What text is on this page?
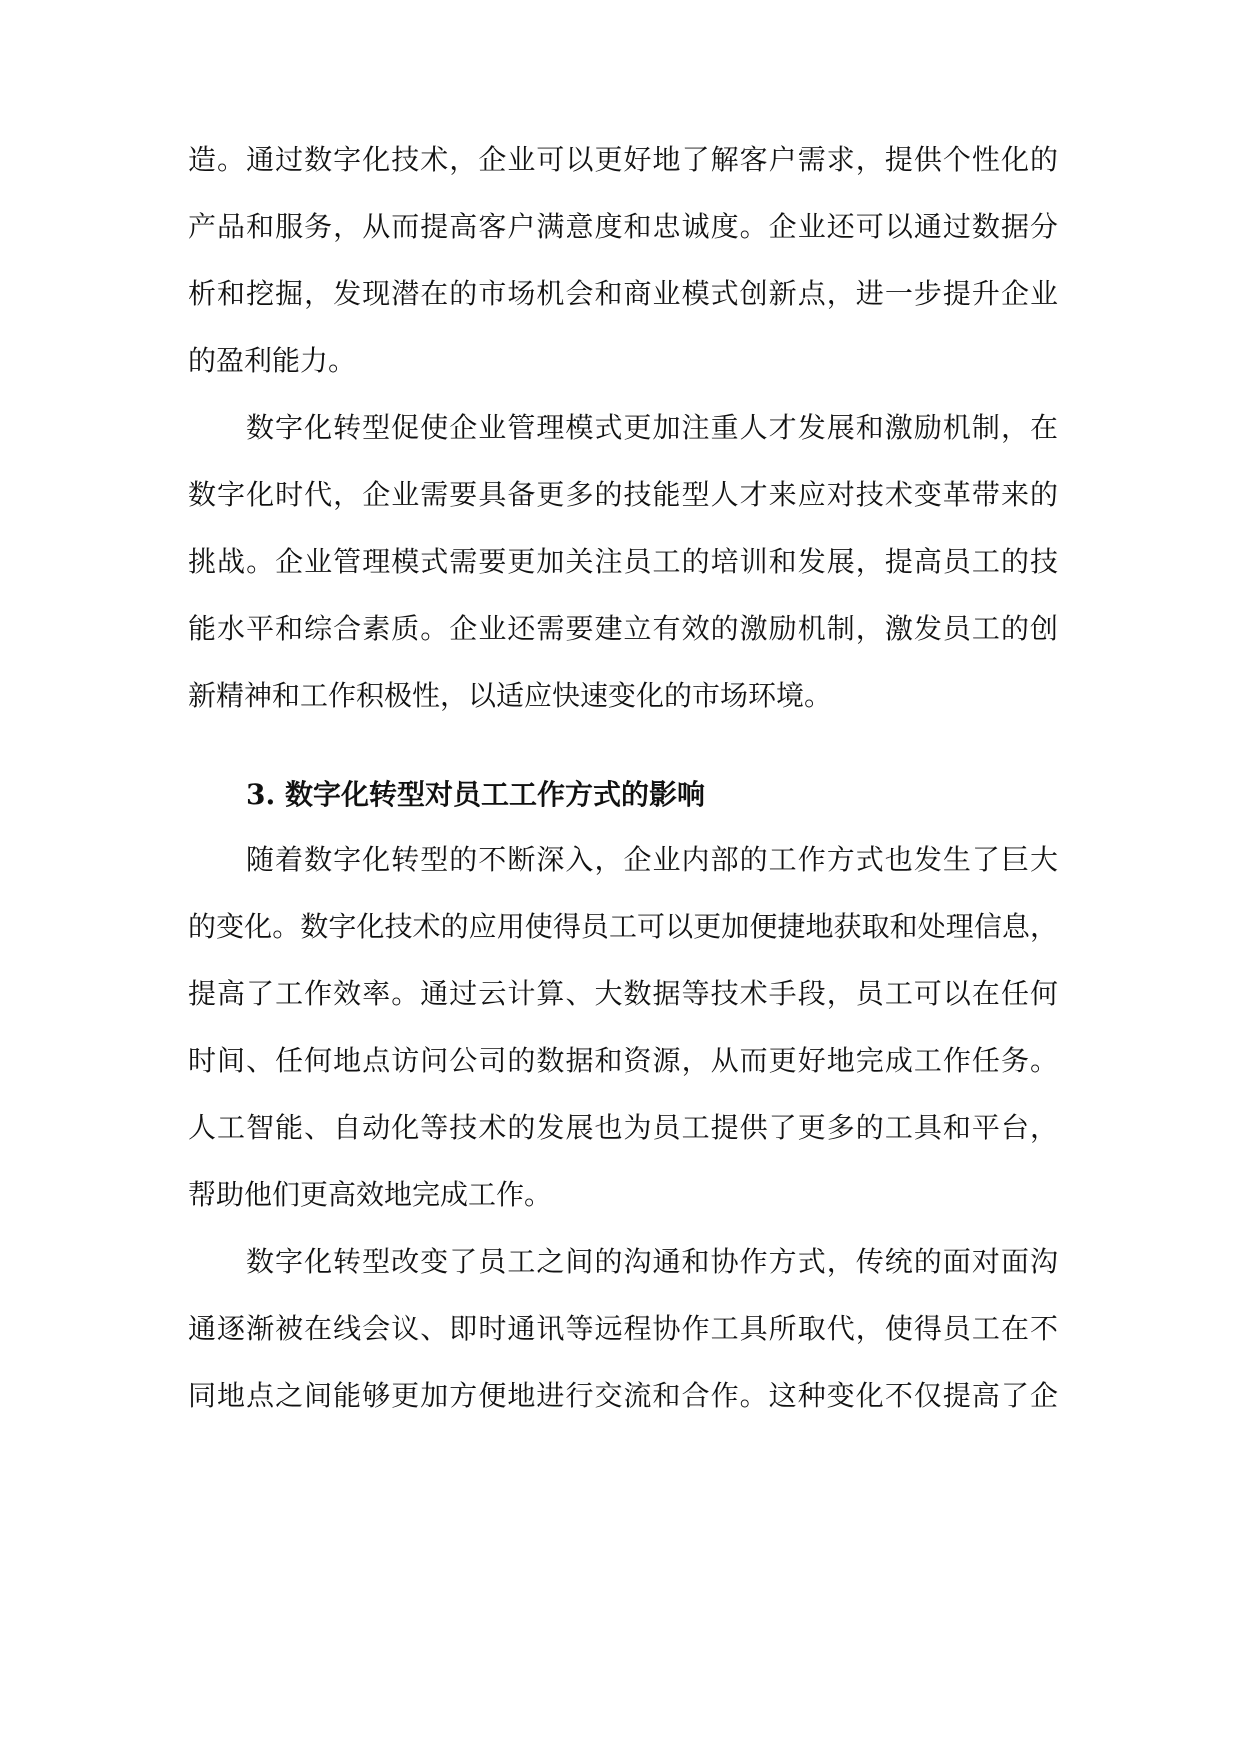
造。通过数字化技术，企业可以更好地了解客户需求，提供个性化的
产品和服务，从而提高客户满意度和忠诚度。企业还可以通过数据分
析和挖掘，发现潜在的市场机会和商业模式创新点，进一步提升企业
的盈利能力。
数字化转型促使企业管理模式更加注重人才发展和激励机制，在
数字化时代，企业需要具备更多的技能型人才来应对技术变革带来的
挑战。企业管理模式需要更加关注员工的培训和发展，提高员工的技
能水平和综合素质。企业还需要建立有效的激励机制，激发员工的创
新精神和工作积极性，以适应快速变化的市场环境。
3. 数字化转型对员工工作方式的影响
随着数字化转型的不断深入，企业内部的工作方式也发生了巨大
的变化。数字化技术的应用使得员工可以更加便捷地获取和处理信息，
提高了工作效率。通过云计算、大数据等技术手段，员工可以在任何
时间、任何地点访问公司的数据和资源，从而更好地完成工作任务。
人工智能、自动化等技术的发展也为员工提供了更多的工具和平台，
帮助他们更高效地完成工作。
数字化转型改变了员工之间的沟通和协作方式，传统的面对面沟
通逐渐被在线会议、即时通讯等远程协作工具所取代，使得员工在不
同地点之间能够更加方便地进行交流和合作。这种变化不仅提高了企
